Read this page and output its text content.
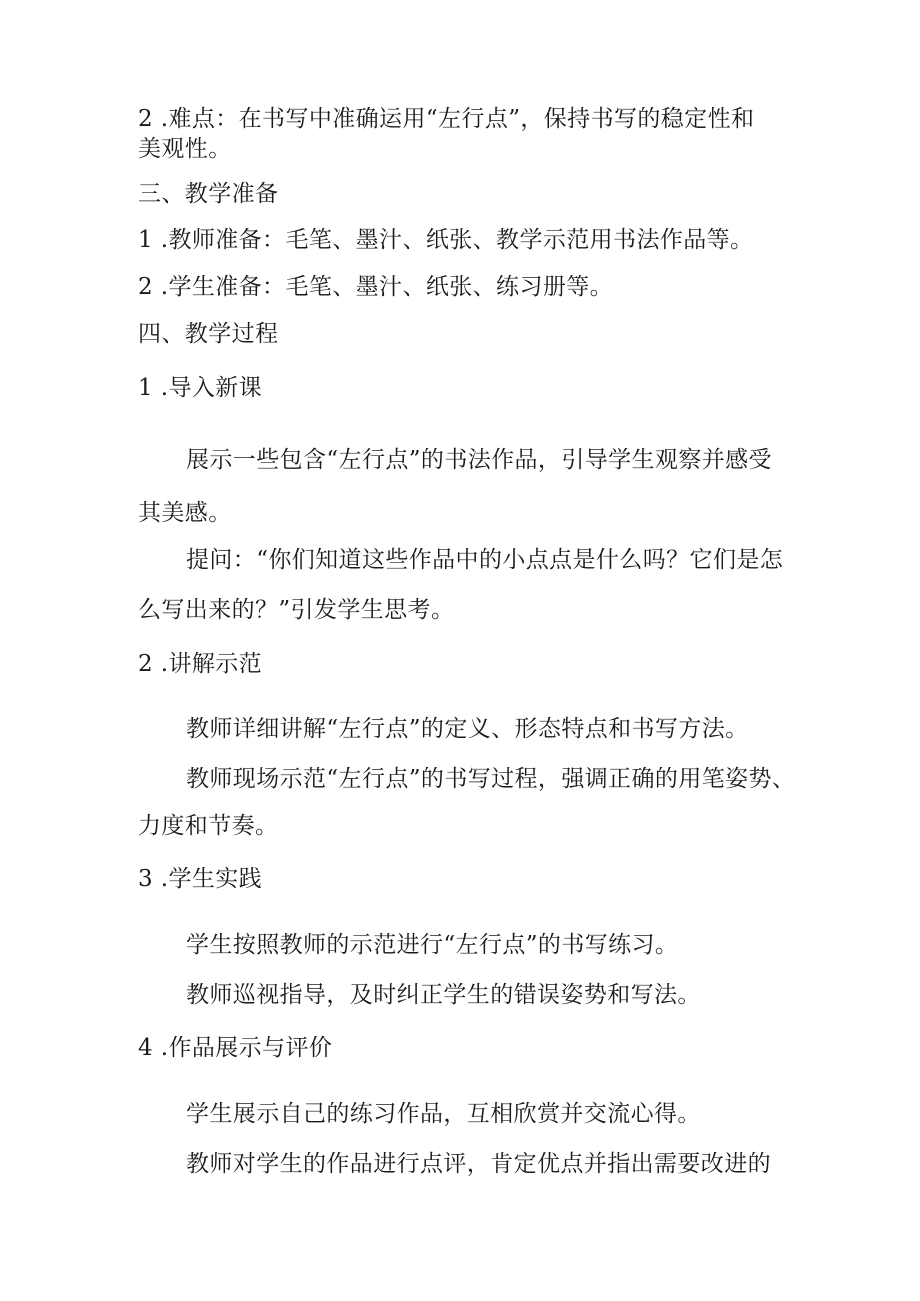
2 .难点：在书写中准确运用“左行点”，保持书写的稳定性和
美观性。
三、教学准备
1 .教师准备：毛笔、墨汁、纸张、教学示范用书法作品等。
2 .学生准备：毛笔、墨汁、纸张、练习册等。
四、教学过程
1 .导入新课
展示一些包含“左行点”的书法作品，引导学生观察并感受
其美感。
提问：“你们知道这些作品中的小点点是什么吗？它们是怎
么写出来的？”引发学生思考。
2 .讲解示范
教师详细讲解“左行点”的定义、形态特点和书写方法。
教师现场示范“左行点”的书写过程，强调正确的用笔姿势、
力度和节奏。
3 .学生实践
学生按照教师的示范进行“左行点”的书写练习。
教师巡视指导，及时纠正学生的错误姿势和写法。
4 .作品展示与评价
学生展示自己的练习作品，互相欣赏并交流心得。
教师对学生的作品进行点评，肯定优点并指出需要改进的
